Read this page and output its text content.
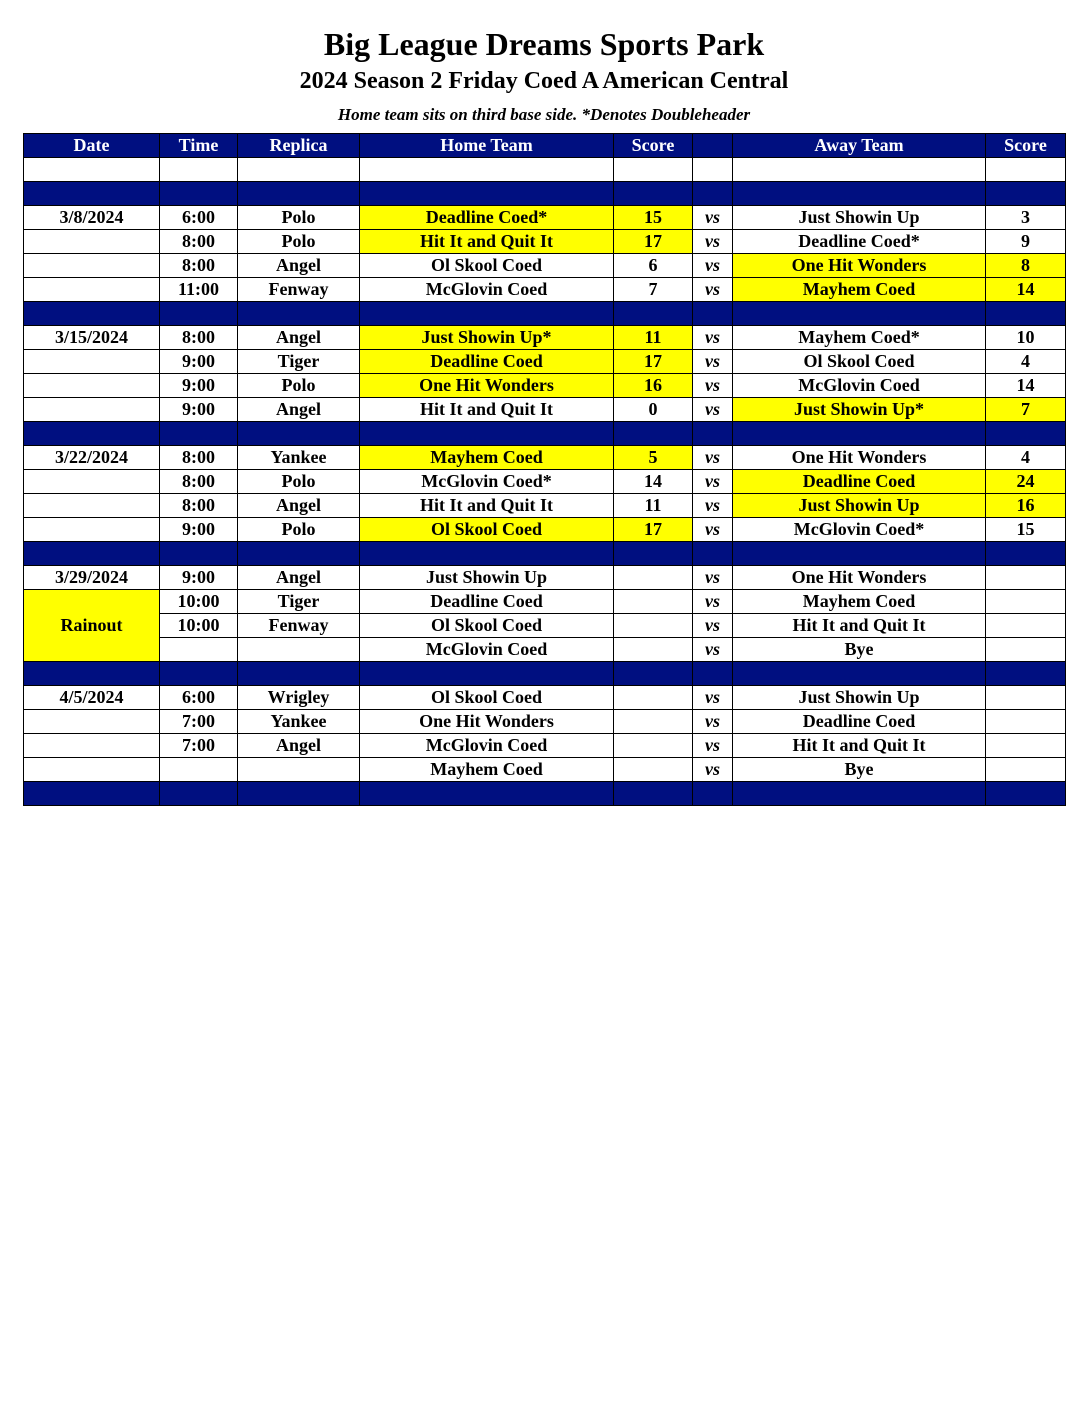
Big League Dreams Sports Park
2024 Season 2 Friday Coed A American Central
Home team sits on third base side. *Denotes Doubleheader
Date	Time	Replica	Home Team	Score		Away Team	Score

3/8/2024	6:00	Polo	Deadline Coed*	15	vs	Just Showin Up	3
	8:00	Polo	Hit It and Quit It	17	vs	Deadline Coed*	9
	8:00	Angel	Ol Skool Coed	6	vs	One Hit Wonders	8
	11:00	Fenway	McGlovin Coed	7	vs	Mayhem Coed	14

3/15/2024	8:00	Angel	Just Showin Up*	11	vs	Mayhem Coed*	10
	9:00	Tiger	Deadline Coed	17	vs	Ol Skool Coed	4
	9:00	Polo	One Hit Wonders	16	vs	McGlovin Coed	14
	9:00	Angel	Hit It and Quit It	0	vs	Just Showin Up*	7

3/22/2024	8:00	Yankee	Mayhem Coed	5	vs	One Hit Wonders	4
	8:00	Polo	McGlovin Coed*	14	vs	Deadline Coed	24
	8:00	Angel	Hit It and Quit It	11	vs	Just Showin Up	16
	9:00	Polo	Ol Skool Coed	17	vs	McGlovin Coed*	15

3/29/2024	9:00	Angel	Just Showin Up		vs	One Hit Wonders	
Rainout	10:00	Tiger	Deadline Coed		vs	Mayhem Coed	
	10:00	Fenway	Ol Skool Coed		vs	Hit It and Quit It	
			McGlovin Coed		vs	Bye	

4/5/2024	6:00	Wrigley	Ol Skool Coed		vs	Just Showin Up	
	7:00	Yankee	One Hit Wonders		vs	Deadline Coed	
	7:00	Angel	McGlovin Coed		vs	Hit It and Quit It	
			Mayhem Coed		vs	Bye	
